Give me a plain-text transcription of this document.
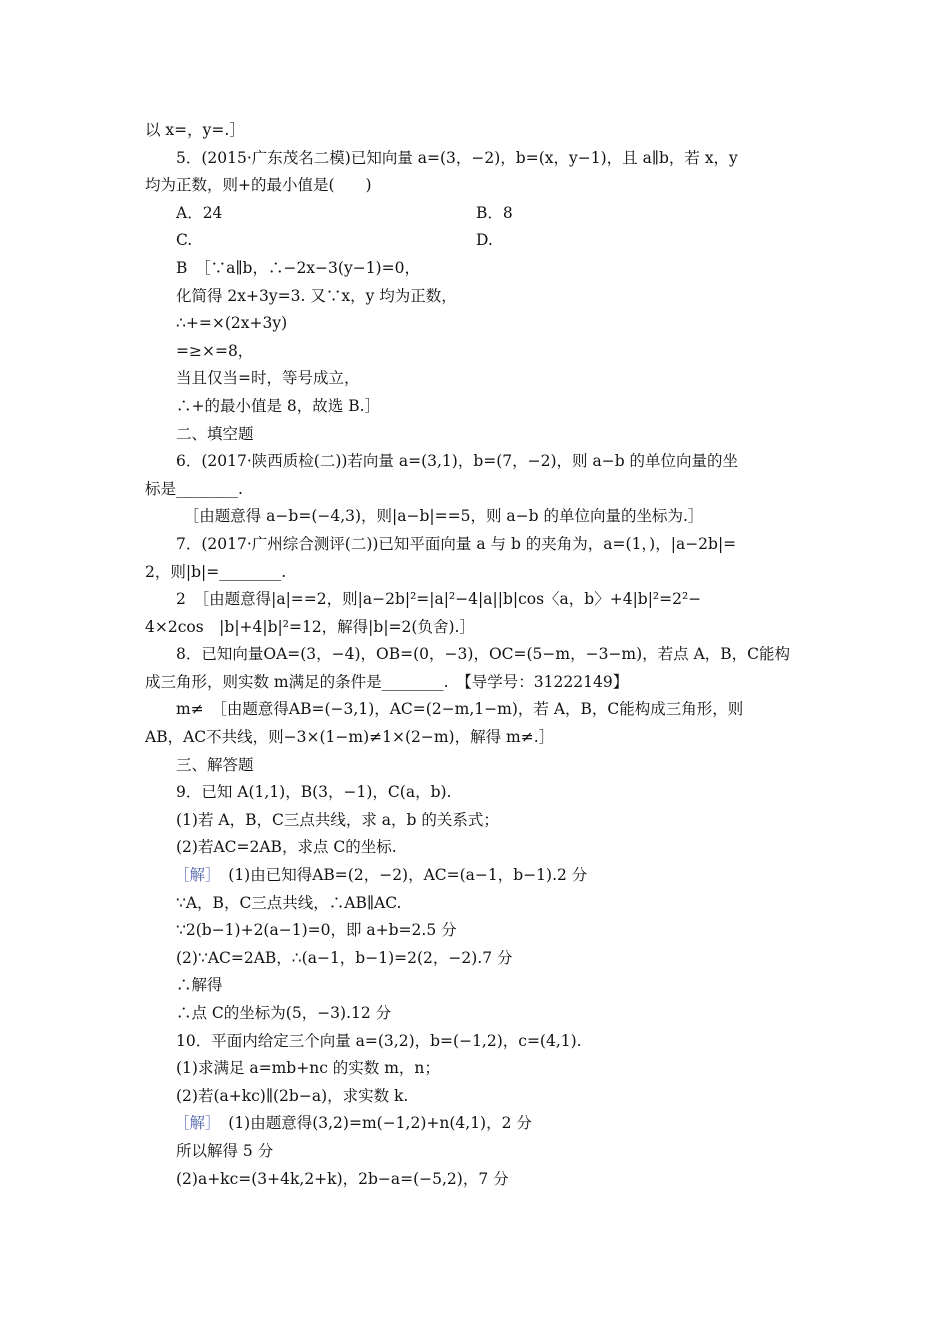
以 x=，y=.］
5．(2015·广东茂名二模)已知向量 a=(3，−2)，b=(x，y−1)，且 a∥b，若 x，y
均为正数，则+的最小值是(　　)
A．24	B．8
C.	D.
B　［∵a∥b，∴−2x−3(y−1)=0，
化简得 2x+3y=3. 又∵x，y 均为正数，
∴+=×(2x+3y)
=≥×=8，
当且仅当=时，等号成立，
∴+的最小值是 8，故选 B.］
二、填空题
6．(2017·陕西质检(二))若向量 a=(3,1)，b=(7，−2)，则 a−b 的单位向量的坐
标是________.
　［由题意得 a−b=(−4,3)，则|a−b|==5，则 a−b 的单位向量的坐标为.］
7．(2017·广州综合测评(二))已知平面向量 a 与 b 的夹角为，a=(1，)，|a−2b|=
2，则|b|=________.
2　［由题意得|a|==2，则|a−2b|²=|a|²−4|a||b|cos〈a，b〉+4|b|²=2²−
4×2cos　|b|+4|b|²=12，解得|b|=2(负舍).］
8．已知向量OA=(3，−4)，OB=(0，−3)，OC=(5−m，−3−m)，若点 A，B，C能构
成三角形，则实数 m满足的条件是________.　【导学号：31222149】
m≠　［由题意得AB=(−3,1)，AC=(2−m,1−m)，若 A，B，C能构成三角形，则
AB，AC不共线，则−3×(1−m)≠1×(2−m)，解得 m≠.］
三、解答题
9．已知 A(1,1)，B(3，−1)，C(a，b).
(1)若 A，B，C三点共线，求 a，b 的关系式；
(2)若AC=2AB，求点 C的坐标.
［解］　(1)由已知得AB=(2，−2)，AC=(a−1，b−1).2 分
∵A，B，C三点共线，∴AB∥AC.
∵2(b−1)+2(a−1)=0，即 a+b=2.5 分
(2)∵AC=2AB，∴(a−1，b−1)=2(2，−2).7 分
∴解得
∴点 C的坐标为(5，−3).12 分
10．平面内给定三个向量 a=(3,2)，b=(−1,2)，c=(4,1).
(1)求满足 a=mb+nc 的实数 m，n；
(2)若(a+kc)∥(2b−a)，求实数 k.
［解］　(1)由题意得(3,2)=m(−1,2)+n(4,1)，2 分
所以解得 5 分
(2)a+kc=(3+4k,2+k)，2b−a=(−5,2)，7 分
